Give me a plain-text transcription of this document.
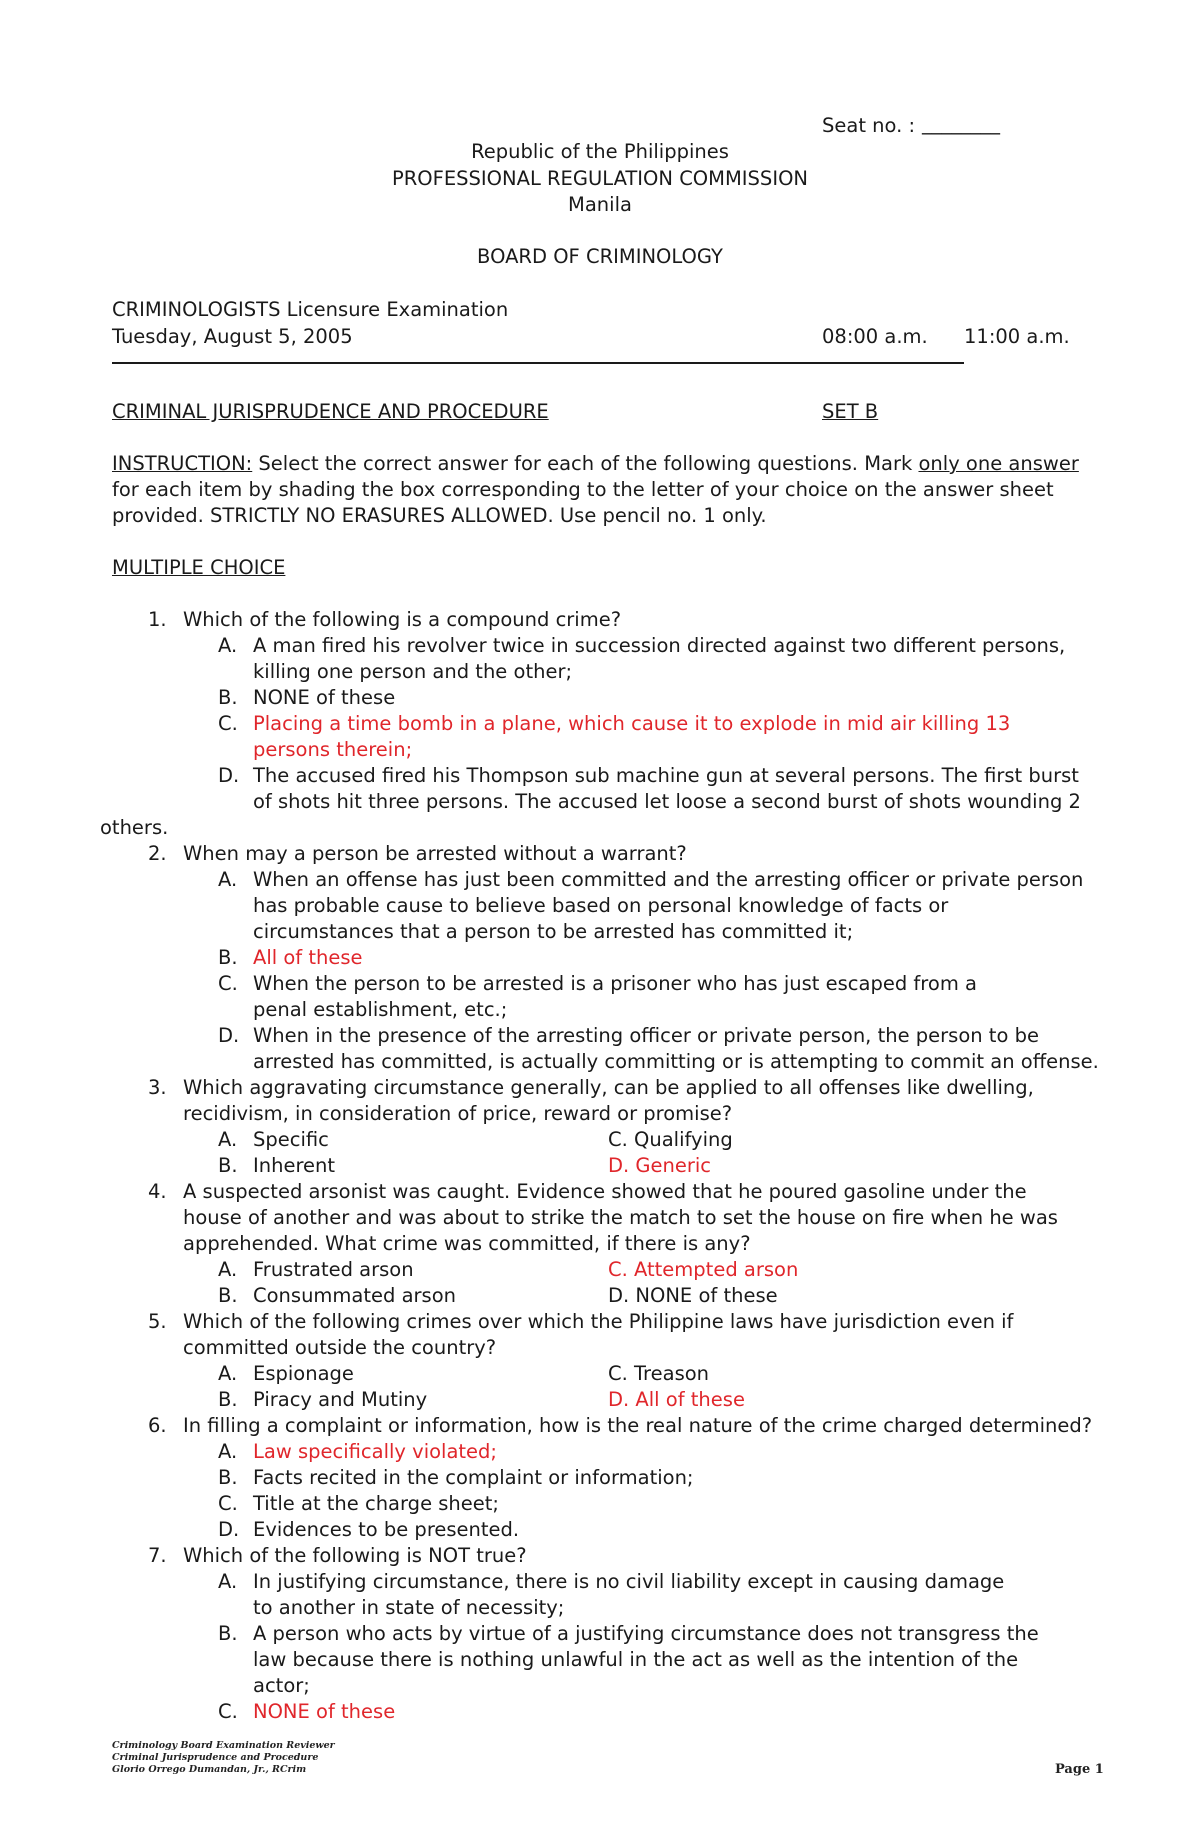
Seat no. : ________
Republic of the Philippines
PROFESSIONAL REGULATION COMMISSION
Manila
BOARD OF CRIMINOLOGY
CRIMINOLOGISTS Licensure Examination
Tuesday, August 5, 2005	08:00 a.m. 11:00 a.m.
CRIMINAL JURISPRUDENCE AND PROCEDURE	SET B
INSTRUCTION: Select the correct answer for each of the following questions. Mark only one answer
for each item by shading the box corresponding to the letter of your choice on the answer sheet
provided. STRICTLY NO ERASURES ALLOWED. Use pencil no. 1 only.
MULTIPLE CHOICE
1. Which of the following is a compound crime?
A. A man fired his revolver twice in succession directed against two different persons,
killing one person and the other;
B. NONE of these
C. Placing a time bomb in a plane, which cause it to explode in mid air killing 13
persons therein;
D. The accused fired his Thompson sub machine gun at several persons. The first burst
of shots hit three persons. The accused let loose a second burst of shots wounding 2
others.
2. When may a person be arrested without a warrant?
A. When an offense has just been committed and the arresting officer or private person
has probable cause to believe based on personal knowledge of facts or
circumstances that a person to be arrested has committed it;
B. All of these
C. When the person to be arrested is a prisoner who has just escaped from a
penal establishment, etc.;
D. When in the presence of the arresting officer or private person, the person to be
arrested has committed, is actually committing or is attempting to commit an offense.
3. Which aggravating circumstance generally, can be applied to all offenses like dwelling,
recidivism, in consideration of price, reward or promise?
A. Specific	C. Qualifying
B. Inherent	D. Generic
4. A suspected arsonist was caught. Evidence showed that he poured gasoline under the
house of another and was about to strike the match to set the house on fire when he was
apprehended. What crime was committed, if there is any?
A. Frustrated arson	C. Attempted arson
B. Consummated arson	D. NONE of these
5. Which of the following crimes over which the Philippine laws have jurisdiction even if
committed outside the country?
A. Espionage	C. Treason
B. Piracy and Mutiny	D. All of these
6. In filling a complaint or information, how is the real nature of the crime charged determined?
A. Law specifically violated;
B. Facts recited in the complaint or information;
C. Title at the charge sheet;
D. Evidences to be presented.
7. Which of the following is NOT true?
A. In justifying circumstance, there is no civil liability except in causing damage
to another in state of necessity;
B. A person who acts by virtue of a justifying circumstance does not transgress the
law because there is nothing unlawful in the act as well as the intention of the
actor;
C. NONE of these
Criminology Board Examination Reviewer
Criminal Jurisprudence and Procedure
Glorio Orrego Dumandan, Jr., RCrim	Page 1
